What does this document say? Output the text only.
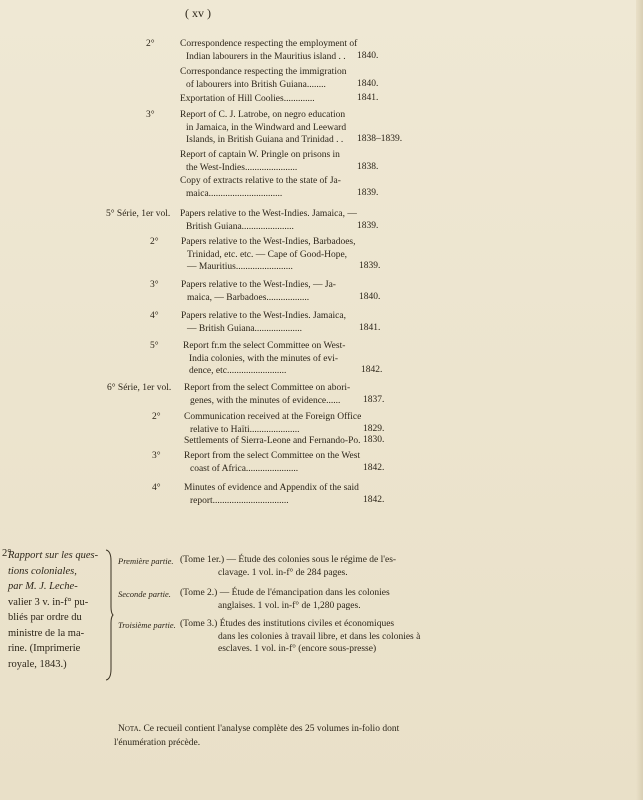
( xv )
2°	Correspondence respecting the employment of
Indian labourers in the Mauritius island . .	1840.
Correspondance respecting the immigration
of labourers into British Guiana........	1840.
Exportation of Hill Coolies.............	1841.
3°	Report of C. J. Latrobe, on negro education
in Jamaica, in the Windward and Leeward
Islands, in British Guiana and Trinidad . . 1838–1839.
Report of captain W. Pringle on prisons in
the West-Indies......................	1838.
Copy of extracts relative to the state of Ja-
maica...............................	1839.
5° Série, 1er vol. Papers relative to the West-Indies. Jamaica, —
British Guiana......................	1839.
2° Papers relative to the West-Indies, Barbadoes,
Trinidad, etc. etc. — Cape of Good-Hope,
— Mauritius........................	1839.
3° Papers relative to the West-Indies, — Ja-
maica, — Barbadoes..................	1840.
4° Papers relative to the West-Indies. Jamaica,
— British Guiana....................	1841.
5°	Report fr.m the select Committee on West-
India colonies, with the minutes of evi-
dence, etc.........................	1842.
6° Série, 1er vol. Report from the select Committee on abori-
genes, with the minutes of evidence......	1837.
2° Communication received at the Foreign Office
relative to Haïti.....................	1829.
Settlements of Sierra-Leone and Fernando-Po. 1830.
3° Report from the select Committee on the West
coast of Africa......................	1842.
4° Minutes of evidence and Appendix of the said
report................................	1842.
2°
Rapport sur les ques-
tions coloniales,
par M. J. Leche-
valier 3 v. in-f° pu-
bliés par ordre du
ministre de la ma-
rine. (Imprimerie
royale, 1843.)
Première partie. (Tome 1er.) — Étude des colonies sous le régime de l'es-
clavage. 1 vol. in-f° de 284 pages.
Seconde partie. (Tome 2.) — Étude de l'émancipation dans les colonies
anglaises. 1 vol. in-f° de 1,280 pages.
Troisième partie. (Tome 3.) Études des institutions civiles et économiques
dans les colonies à travail libre, et dans les colonies à
esclaves. 1 vol. in-f° (encore sous-presse)
Nota. Ce recueil contient l'analyse complète des 25 volumes in-folio dont
l'énumération précède.
